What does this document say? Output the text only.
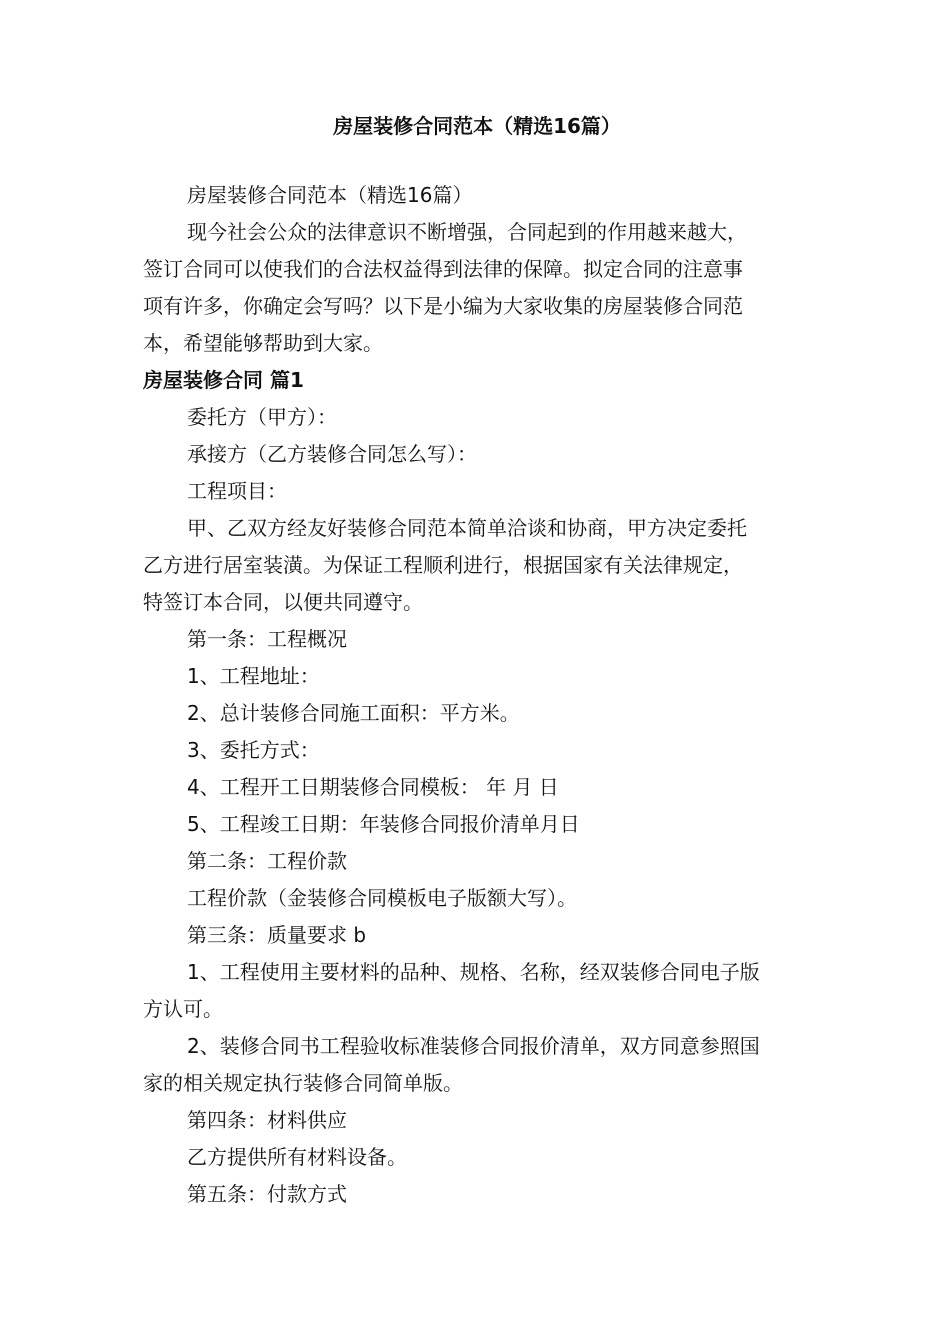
房屋装修合同范本（精选16篇）
房屋装修合同范本（精选16篇）
现今社会公众的法律意识不断增强，合同起到的作用越来越大，
签订合同可以使我们的合法权益得到法律的保障。拟定合同的注意事
项有许多，你确定会写吗？以下是小编为大家收集的房屋装修合同范
本，希望能够帮助到大家。
房屋装修合同 篇1
委托方（甲方）：
承接方（乙方装修合同怎么写）：
工程项目：
甲、乙双方经友好装修合同范本简单洽谈和协商，甲方决定委托
乙方进行居室装潢。为保证工程顺利进行，根据国家有关法律规定，
特签订本合同，以便共同遵守。
第一条：工程概况
1、工程地址：
2、总计装修合同施工面积：平方米。
3、委托方式：
4、工程开工日期装修合同模板： 年 月 日
5、工程竣工日期：年装修合同报价清单月日
第二条：工程价款
工程价款（金装修合同模板电子版额大写）。
第三条：质量要求 b
1、工程使用主要材料的品种、规格、名称，经双装修合同电子版
方认可。
2、装修合同书工程验收标准装修合同报价清单，双方同意参照国
家的相关规定执行装修合同简单版。
第四条：材料供应
乙方提供所有材料设备。
第五条：付款方式
